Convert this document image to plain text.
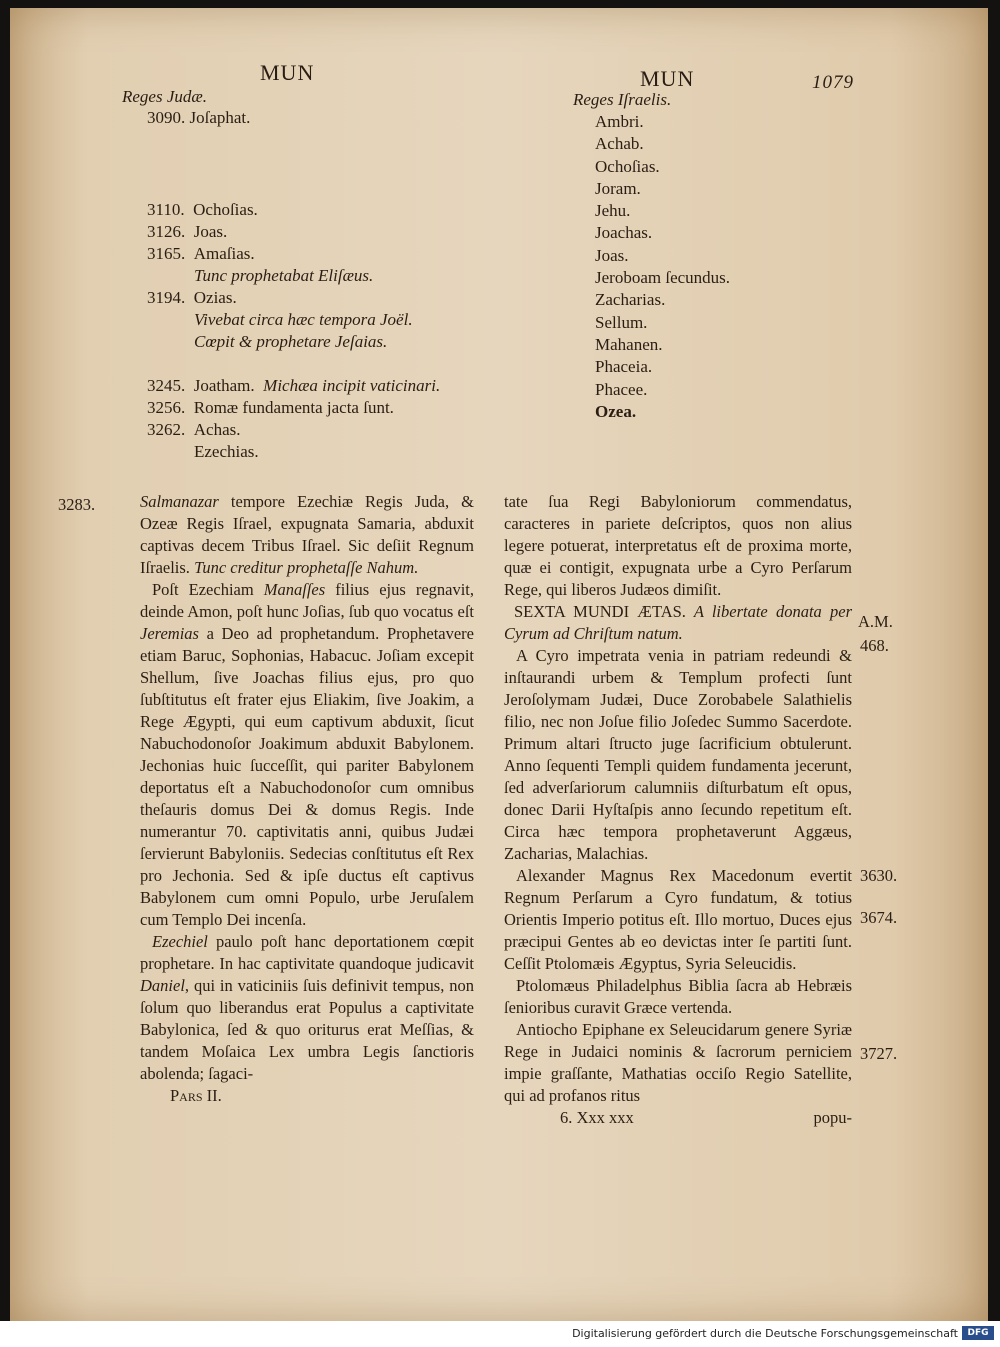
MUN	MUN	1079
Reges Judæ.
3090. Joſaphat.
3110. Ochoſias.
3126. Joas.
3165. Amaſias.
Tunc prophetabat Eliſæus.
3194. Ozias.
Vivebat circa hæc tempora Joël.
Cœpit & prophetare Jeſaias.
3245. Joatham. Michæa incipit vaticinari.
3256. Romæ fundamenta jacta ſunt.
3262. Achas.
Ezechias.
Reges Iſraelis.
Ambri.
Achab.
Ochoſias.
Joram.
Jehu.
Joachas.
Joas.
Jeroboam ſecundus.
Zacharias.
Sellum.
Mahanen.
Phaceia.
Phacee.
Ozea.
3283.
A.M.
468.
3630.
3674.
3727.

Salmanazar tempore Ezechiæ Regis Juda, & Ozeæ Regis Iſrael, expugnata Samaria, abduxit captivas decem Tribus Iſrael. Sic deſiit Regnum Iſraelis. Tunc creditur prophetaſſe Nahum.

Poſt Ezechiam Manaſſes filius ejus regnavit, deinde Amon, poſt hunc Joſias, ſub quo vocatus eſt Jeremias a Deo ad prophetandum. Prophetavere etiam Baruc, Sophonias, Habacuc. Joſiam excepit Shellum, ſive Joachas filius ejus, pro quo ſubſtitutus eſt frater ejus Eliakim, ſive Joakim, a Rege Ægypti, qui eum captivum abduxit, ſicut Nabuchodonoſor Joakimum abduxit Babylonem. Jechonias huic ſucceſſit, qui pariter Babylonem deportatus eſt a Nabuchodonoſor cum omnibus theſauris domus Dei & domus Regis. Inde numerantur 70. captivitatis anni, quibus Judæi ſervierunt Babyloniis. Sedecias conſtitutus eſt Rex pro Jechonia. Sed & ipſe ductus eſt captivus Babylonem cum omni Populo, urbe Jeruſalem cum Templo Dei incenſa.

Ezechiel paulo poſt hanc deportationem cœpit prophetare. In hac captivitate quandoque judicavit Daniel, qui in vaticiniis ſuis definivit tempus, non ſolum quo liberandus erat Populus a captivitate Babylonica, ſed & quo oriturus erat Meſſias, & tandem Moſaica Lex umbra Legis ſanctioris abolenda; ſagaci-

Pars II.

tate ſua Regi Babyloniorum commendatus, caracteres in pariete deſcriptos, quos non alius legere potuerat, interpretatus eſt de proxima morte, quæ ei contigit, expugnata urbe a Cyro Perſarum Rege, qui liberos Judæos dimiſit.

SEXTA MUNDI ÆTAS. A libertate donata per Cyrum ad Chriſtum natum.

A Cyro impetrata venia in patriam redeundi & inſtaurandi urbem & Templum profecti ſunt Jeroſolymam Judæi, Duce Zorobabele Salathielis filio, nec non Joſue filio Joſedec Summo Sacerdote. Primum altari ſtructo juge ſacrificium obtulerunt. Anno ſequenti Templi quidem fundamenta jecerunt, ſed adverſariorum calumniis diſturbatum eſt opus, donec Darii Hyſtaſpis anno ſecundo repetitum eſt. Circa hæc tempora prophetaverunt Aggæus, Zacharias, Malachias.

Alexander Magnus Rex Macedonum evertit Regnum Perſarum a Cyro fundatum, & totius Orientis Imperio potitus eſt. Illo mortuo, Duces ejus præcipui Gentes ab eo devictas inter ſe partiti ſunt. Ceſſit Ptolomæis Ægyptus, Syria Seleucidis.

Ptolomæus Philadelphus Biblia ſacra ab Hebræis ſenioribus curavit Græce vertenda.

Antiocho Epiphane ex Seleucidarum genere Syriæ Rege in Judaici nominis & ſacrorum perniciem impie graſſante, Mathatias occiſo Regio Satellite, qui ad profanos ritus

6. Xxx xxx	popu-

Digitalisierung gefördert durch die Deutsche Forschungsgemeinschaft	DFG
